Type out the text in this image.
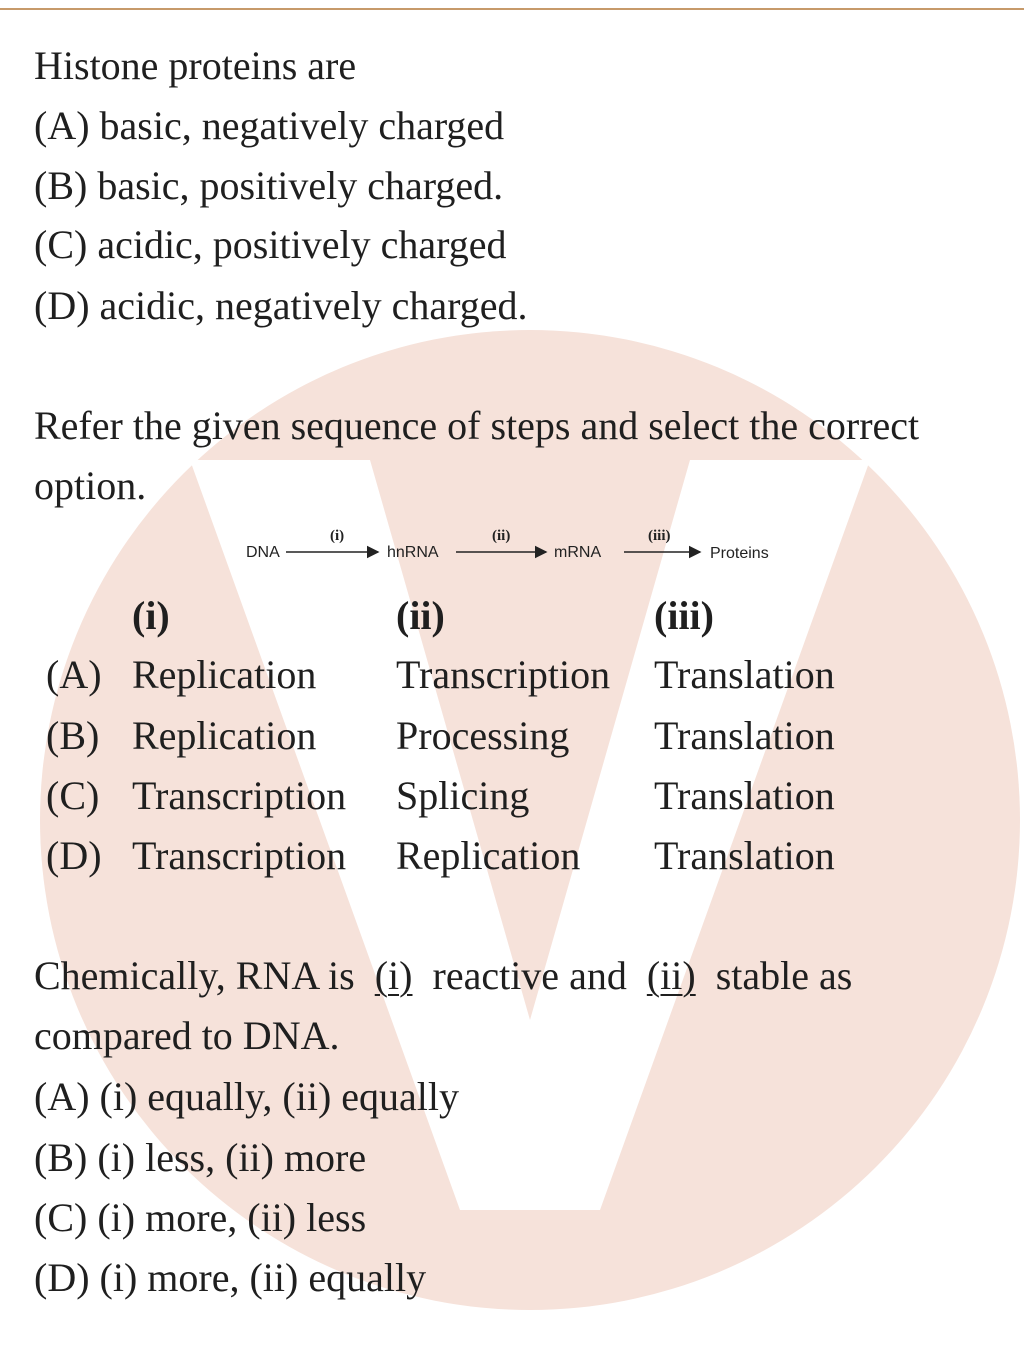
Histone proteins are
(A) basic, negatively charged
(B) basic, positively charged.
(C) acidic, positively charged
(D) acidic, negatively charged.
Refer the given sequence of steps and select the correct
option.
DNA
(i)
hnRNA
(ii)
mRNA
(iii)
Proteins
(i)	(ii)	(iii)
(A) Replication Transcription Translation
(B) Replication Processing Translation
(C) Transcription Splicing	Translation
(D) Transcription Replication Translation
Chemically, RNA is  (i)  reactive and  (ii)  stable as
compared to DNA.
(A) (i) equally, (ii) equally
(B) (i) less, (ii) more
(C) (i) more, (ii) less
(D) (i) more, (ii) equally
